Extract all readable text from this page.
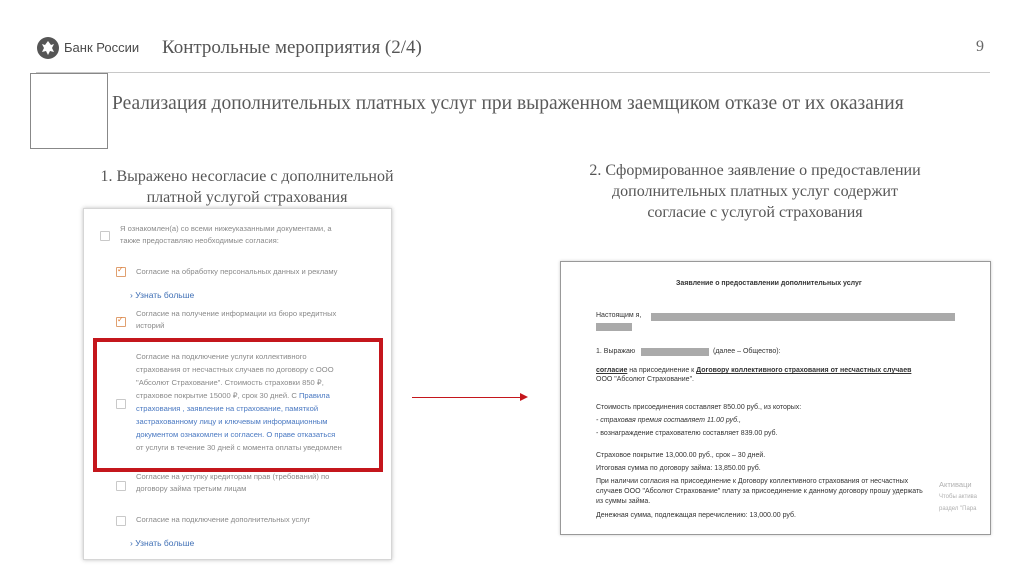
Банк России Контрольные мероприятия (2/4)	9
Реализация дополнительных платных услуг при выраженном заемщиком отказе от их оказания
1. Выражено несогласие с дополнительной
платной услугой страхования
Я ознакомлен(а) со всеми нижеуказанными документами, а
также предоставляю необходимые согласия:
✓
Согласие на обработку персональных данных и рекламу
› Узнать больше
✓
Согласие на получение информации из бюро кредитных
историй
Согласие на подключение услуги коллективного
страхования от несчастных случаев по договору с ООО
"Абсолют Страхование". Стоимость страховки 850 ₽,
страховое покрытие 15000 ₽, срок 30 дней. С Правила
страхования , заявление на страхование, памяткой
застрахованному лицу и ключевым информационным
документом ознакомлен и согласен. О праве отказаться
от услуги в течение 30 дней с момента оплаты уведомлен
Согласие на уступку кредиторам прав (требований) по
договору займа третьим лицам
Согласие на подключение дополнительных услуг
› Узнать больше
2. Сформированное заявление о предоставлении
дополнительных платных услуг содержит
согласие с услугой страхования
Заявление о предоставлении дополнительных услуг
Настоящим я,
1. Выражаю	(далее – Общество):
согласие на присоединение к Договору коллективного страхования от несчастных случаев
ООО "Абсолют Страхование".
Стоимость присоединения составляет 850.00 руб., из которых:
- страховая премия составляет 11.00 руб.,
- вознаграждение страхователю составляет 839.00 руб.
Страховое покрытие 13,000.00 руб., срок – 30 дней.
Итоговая сумма по договору займа: 13,850.00 руб.
При наличии согласия на присоединение к Договору коллективного страхования от несчастных
случаев ООО "Абсолют Страхование" плату за присоединение к данному договору прошу удержать
из суммы займа.
Денежная сумма, подлежащая перечислению: 13,000.00 руб.
Активаци
Чтобы актива
раздел "Пара
